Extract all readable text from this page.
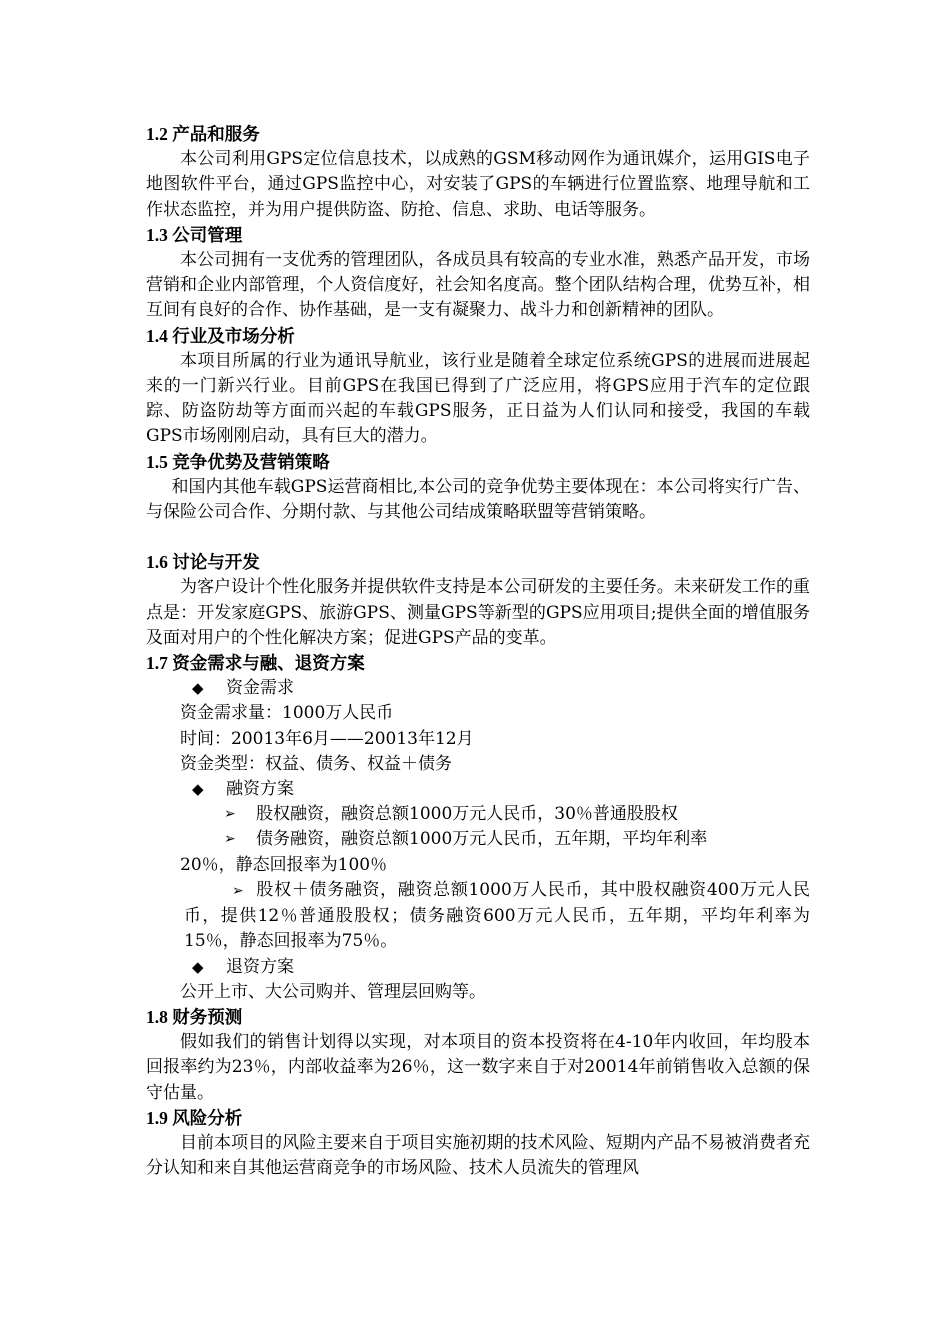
1.2 产品和服务

本公司利用GPS定位信息技术，以成熟的GSM移动网作为通讯媒介，运用GIS电子地图软件平台，通过GPS监控中心，对安装了GPS的车辆进行位置监察、地理导航和工作状态监控，并为用户提供防盗、防抢、信息、求助、电话等服务。

1.3 公司管理

本公司拥有一支优秀的管理团队，各成员具有较高的专业水准，熟悉产品开发，市场营销和企业内部管理，个人资信度好，社会知名度高。整个团队结构合理，优势互补，相互间有良好的合作、协作基础，是一支有凝聚力、战斗力和创新精神的团队。

1.4 行业及市场分析

本项目所属的行业为通讯导航业，该行业是随着全球定位系统GPS的进展而进展起来的一门新兴行业。目前GPS在我国已得到了广泛应用，将GPS应用于汽车的定位跟踪、防盗防劫等方面而兴起的车载GPS服务，正日益为人们认同和接受，我国的车载GPS市场刚刚启动，具有巨大的潜力。

1.5 竞争优势及营销策略

和国内其他车载GPS运营商相比,本公司的竞争优势主要体现在：本公司将实行广告、与保险公司合作、分期付款、与其他公司结成策略联盟等营销策略。

1.6 讨论与开发

为客户设计个性化服务并提供软件支持是本公司研发的主要任务。未来研发工作的重点是：开发家庭GPS、旅游GPS、测量GPS等新型的GPS应用项目;提供全面的增值服务及面对用户的个性化解决方案；促进GPS产品的变革。

1.7 资金需求与融、退资方案

◆ 资金需求

资金需求量：1000万人民币

时间：20013年6月——20013年12月

资金类型：权益、债务、权益＋债务

◆ 融资方案

➢ 股权融资，融资总额1000万元人民币，30％普通股股权

➢ 债务融资，融资总额1000万元人民币，五年期，平均年利率

20％，静态回报率为100％

➢ 股权＋债务融资，融资总额1000万人民币，其中股权融资400万元人民币，提供12％普通股股权；债务融资600万元人民币，五年期，平均年利率为15％，静态回报率为75％。

◆ 退资方案

公开上市、大公司购并、管理层回购等。

1.8 财务预测

假如我们的销售计划得以实现，对本项目的资本投资将在4-10年内收回，年均股本回报率约为23％，内部收益率为26％，这一数字来自于对20014年前销售收入总额的保守估量。

1.9 风险分析

目前本项目的风险主要来自于项目实施初期的技术风险、短期内产品不易被消费者充分认知和来自其他运营商竞争的市场风险、技术人员流失的管理风
